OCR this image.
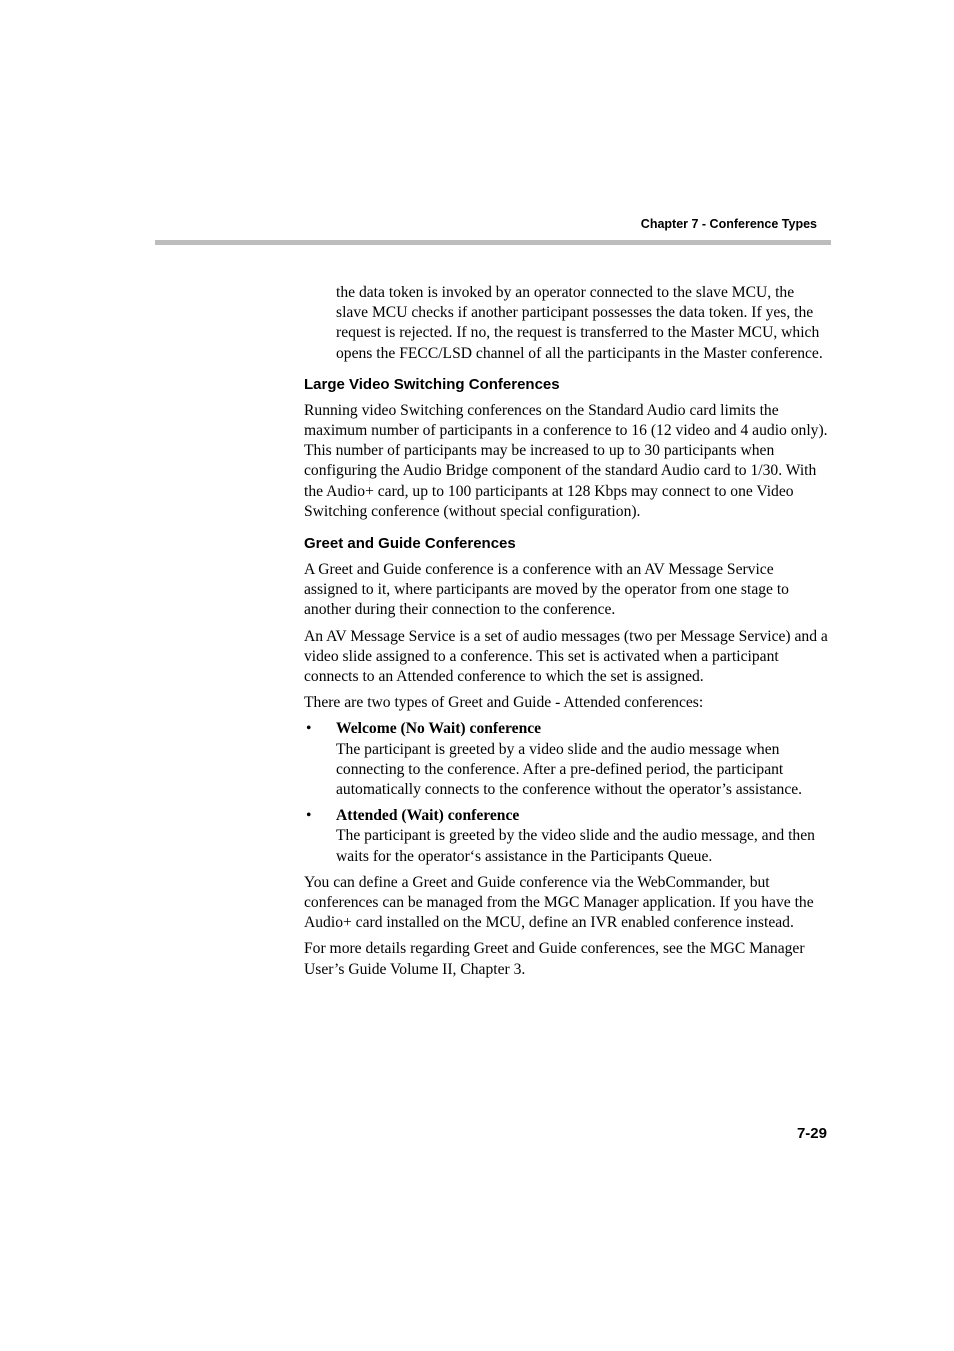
Chapter 7 - Conference Types

the data token is invoked by an operator connected to the slave MCU, the slave MCU checks if another participant possesses the data token. If yes, the request is rejected. If no, the request is transferred to the Master MCU, which opens the FECC/LSD channel of all the participants in the Master conference.

Large Video Switching Conferences

Running video Switching conferences on the Standard Audio card limits the maximum number of participants in a conference to 16 (12 video and 4 audio only). This number of participants may be increased to up to 30 participants when configuring the Audio Bridge component of the standard Audio card to 1/30. With the Audio+ card, up to 100 participants at 128 Kbps may connect to one Video Switching conference (without special configuration).

Greet and Guide Conferences

A Greet and Guide conference is a conference with an AV Message Service assigned to it, where participants are moved by the operator from one stage to another during their connection to the conference.

An AV Message Service is a set of audio messages (two per Message Service) and a video slide assigned to a conference. This set is activated when a participant connects to an Attended conference to which the set is assigned.

There are two types of Greet and Guide - Attended conferences:

• Welcome (No Wait) conference
The participant is greeted by a video slide and the audio message when connecting to the conference. After a pre-defined period, the participant automatically connects to the conference without the operator’s assistance.
• Attended (Wait) conference
The participant is greeted by the video slide and the audio message, and then waits for the operator‘s assistance in the Participants Queue.

You can define a Greet and Guide conference via the WebCommander, but conferences can be managed from the MGC Manager application. If you have the Audio+ card installed on the MCU, define an IVR enabled conference instead.

For more details regarding Greet and Guide conferences, see the MGC Manager User’s Guide Volume II, Chapter 3.

7-29
